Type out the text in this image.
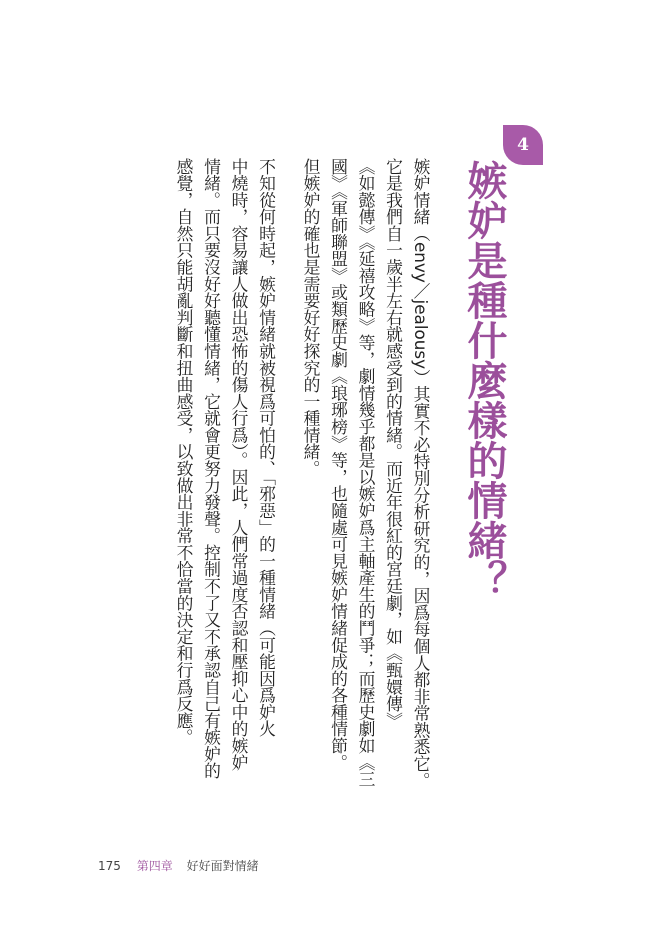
4
嫉妒是種什麼樣的情緒？
嫉妒情緒（envy／jealousy）其實不必特別分析研究的，因爲每個人都非常熟悉它。
它是我們自一歲半左右就感受到的情緒。而近年很紅的宮廷劇，如《甄嬛傳》
《如懿傳》《延禧攻略》等，劇情幾乎都是以嫉妒爲主軸產生的鬥爭；而歷史劇如《三
國》《軍師聯盟》或類歷史劇《琅琊榜》等，也隨處可見嫉妒情緒促成的各種情節。
但嫉妒的確也是需要好好探究的一種情緒。
不知從何時起，嫉妒情緒就被視爲可怕的、「邪惡」的一種情緒（可能因爲妒火
中燒時，容易讓人做出恐怖的傷人行爲）。因此，人們常過度否認和壓抑心中的嫉妒
情緒。而只要沒好好聽懂情緒，它就會更努力發聲。控制不了又不承認自己有嫉妒的
感覺，自然只能胡亂判斷和扭曲感受，以致做出非常不恰當的決定和行爲反應。
175 第四章 好好面對情緒
